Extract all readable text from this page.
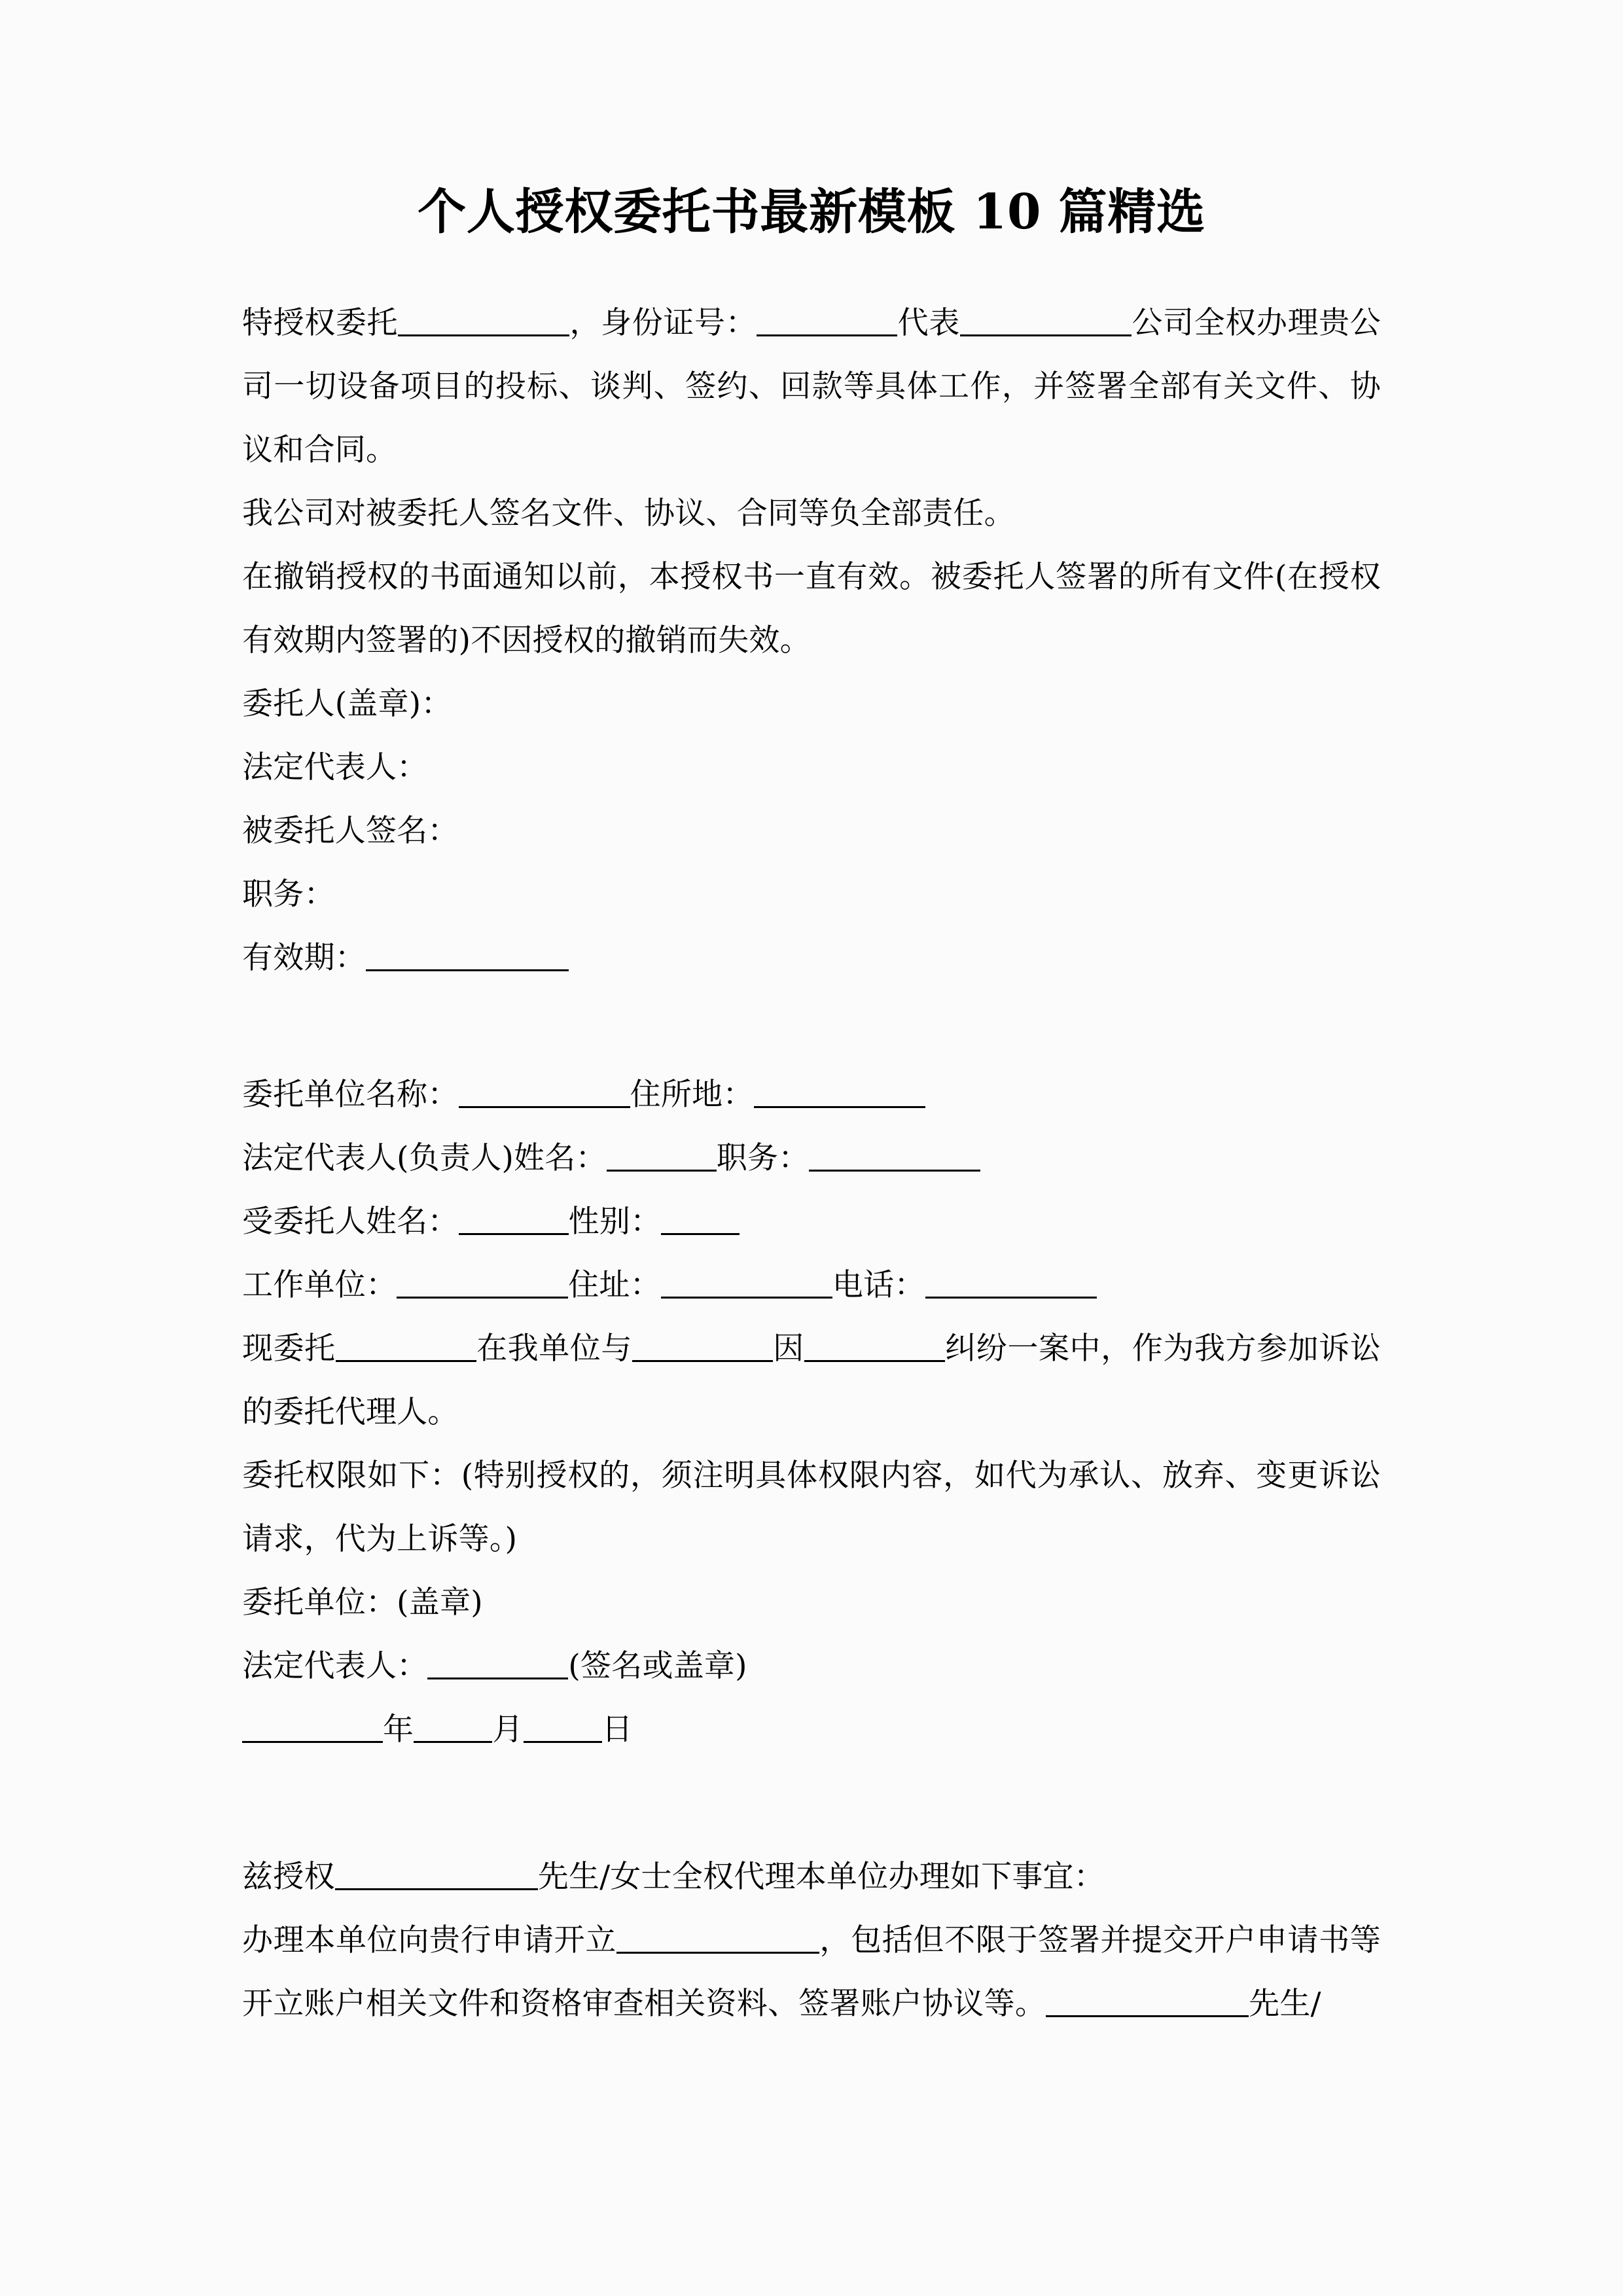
个人授权委托书最新模板 10 篇精选

特授权委托	，身份证号：	代表	公司全权办理贵公司一切设备项目的投标、谈判、签约、回款等具体工作，并签署全部有关文件、协议和合同。

我公司对被委托人签名文件、协议、合同等负全部责任。

在撤销授权的书面通知以前，本授权书一直有效。被委托人签署的所有文件(在授权有效期内签署的)不因授权的撤销而失效。

委托人(盖章)：

法定代表人：

被委托人签名：

职务：

有效期：

委托单位名称：	住所地：

法定代表人(负责人)姓名：	职务：

受委托人姓名：	性别：

工作单位：	住址：	电话：

现委托	在我单位与	因	纠纷一案中，作为我方参加诉讼的委托代理人。

委托权限如下：(特别授权的，须注明具体权限内容，如代为承认、放弃、变更诉讼请求，代为上诉等。)

委托单位：(盖章)

法定代表人：	(签名或盖章)

年	月	日

兹授权	先生/女士全权代理本单位办理如下事宜：

办理本单位向贵行申请开立	，包括但不限于签署并提交开户申请书等开立账户相关文件和资格审查相关资料、签署账户协议等。	先生/
